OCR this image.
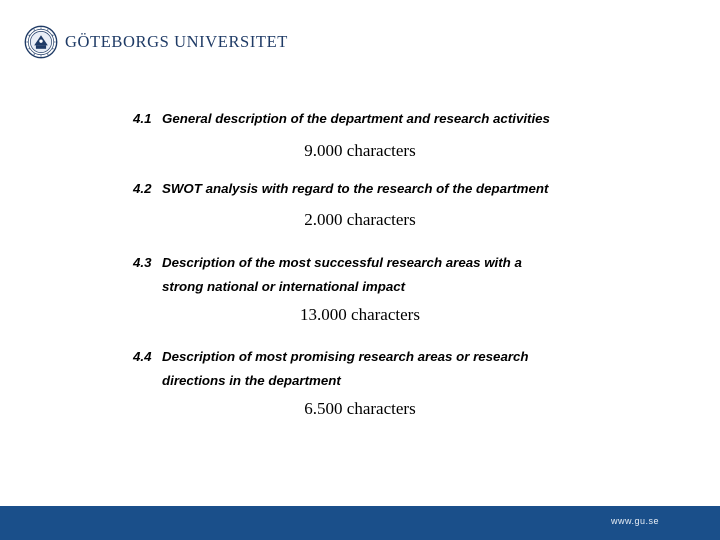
GÖTEBORGS UNIVERSITET
4.1 General description of the department and research activities
9.000 characters
4.2 SWOT analysis with regard to the research of the department
2.000 characters
4.3 Description of the most successful research areas with a
strong national or international impact
13.000 characters
4.4 Description of most promising research areas or research
directions in the department
6.500 characters
www.gu.se
